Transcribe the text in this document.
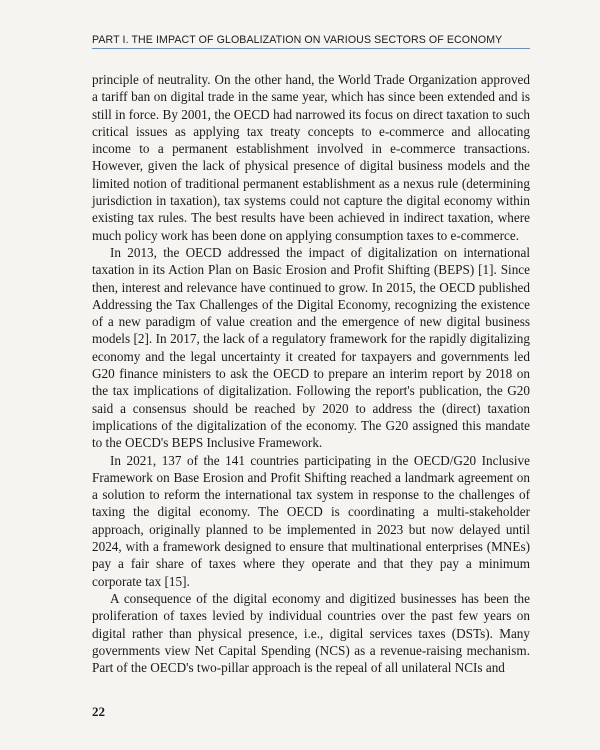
PART I. THE IMPACT OF GLOBALIZATION ON VARIOUS SECTORS OF ECONOMY

principle of neutrality. On the other hand, the World Trade Organization approved a tariff ban on digital trade in the same year, which has since been extended and is still in force. By 2001, the OECD had narrowed its focus on direct taxation to such critical issues as applying tax treaty concepts to e-commerce and allocating income to a permanent establishment involved in e-commerce transactions. However, given the lack of physical presence of digital business models and the limited notion of traditional permanent establishment as a nexus rule (determining jurisdiction in taxation), tax systems could not capture the digital economy within existing tax rules. The best results have been achieved in indirect taxation, where much policy work has been done on applying consumption taxes to e-commerce.

In 2013, the OECD addressed the impact of digitalization on international taxation in its Action Plan on Basic Erosion and Profit Shifting (BEPS) [1]. Since then, interest and relevance have continued to grow. In 2015, the OECD published Addressing the Tax Challenges of the Digital Economy, recognizing the existence of a new paradigm of value creation and the emergence of new digital business models [2]. In 2017, the lack of a regulatory framework for the rapidly digitalizing economy and the legal uncertainty it created for taxpayers and governments led G20 finance ministers to ask the OECD to prepare an interim report by 2018 on the tax implications of digitalization. Following the report's publication, the G20 said a consensus should be reached by 2020 to address the (direct) taxation implications of the digitalization of the economy. The G20 assigned this mandate to the OECD's BEPS Inclusive Framework.

In 2021, 137 of the 141 countries participating in the OECD/G20 Inclusive Framework on Base Erosion and Profit Shifting reached a landmark agreement on a solution to reform the international tax system in response to the challenges of taxing the digital economy. The OECD is coordinating a multi-stakeholder approach, originally planned to be implemented in 2023 but now delayed until 2024, with a framework designed to ensure that multinational enterprises (MNEs) pay a fair share of taxes where they operate and that they pay a minimum corporate tax [15].

A consequence of the digital economy and digitized businesses has been the proliferation of taxes levied by individual countries over the past few years on digital rather than physical presence, i.e., digital services taxes (DSTs). Many governments view Net Capital Spending (NCS) as a revenue-raising mechanism. Part of the OECD's two-pillar approach is the repeal of all unilateral NCIs and

22
